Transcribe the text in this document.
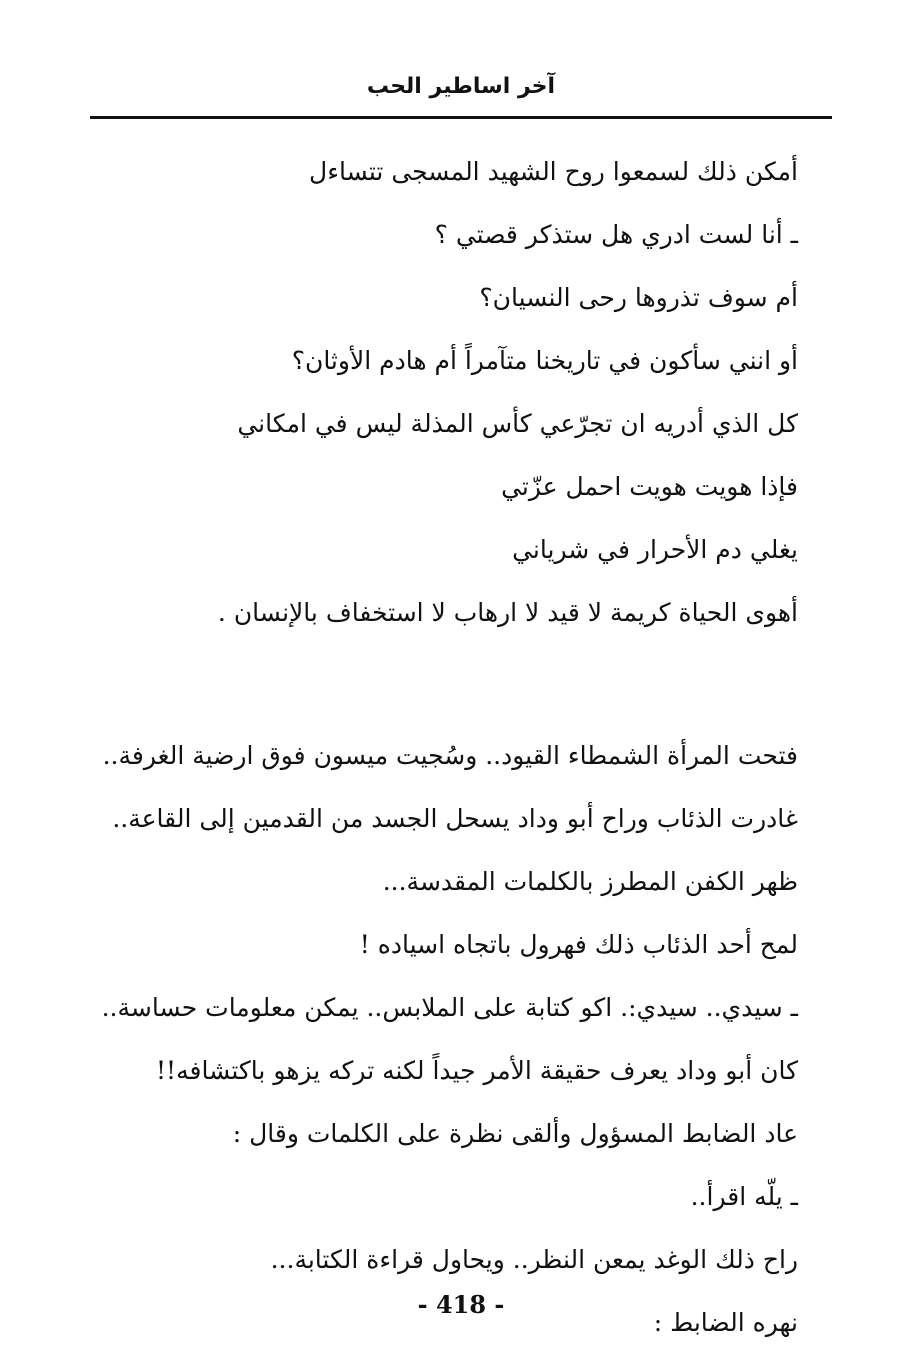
آخر اساطير الحب
أمكن ذلك لسمعوا روح الشهيد المسجى تتساءل
ـ أنا لست ادري هل ستذكر قصتي ؟
أم سوف تذروها رحى النسيان؟
أو انني سأكون في تاريخنا متآمراً أم هادم الأوثان؟
كل الذي أدريه ان تجرّعي كأس المذلة ليس في امكاني
فإذا هويت هويت احمل عزّتي
يغلي دم الأحرار في شرياني
أهوى الحياة كريمة لا قيد لا ارهاب لا استخفاف بالإنسان .
فتحت المرأة الشمطاء القيود.. وسُجيت ميسون فوق ارضية الغرفة..
غادرت الذئاب وراح أبو وداد يسحل الجسد من القدمين إلى القاعة..
ظهر الكفن المطرز بالكلمات المقدسة...
لمح أحد الذئاب ذلك فهرول باتجاه اسياده !
ـ سيدي.. سيدي:. اكو كتابة على الملابس.. يمكن معلومات حساسة..
كان أبو وداد يعرف حقيقة الأمر جيداً لكنه تركه يزهو باكتشافه!!
عاد الضابط المسؤول وألقى نظرة على الكلمات وقال :
ـ يلّه اقرأ..
راح ذلك الوغد يمعن النظر.. ويحاول قراءة الكتابة...
نهره الضابط :
- 418 -
